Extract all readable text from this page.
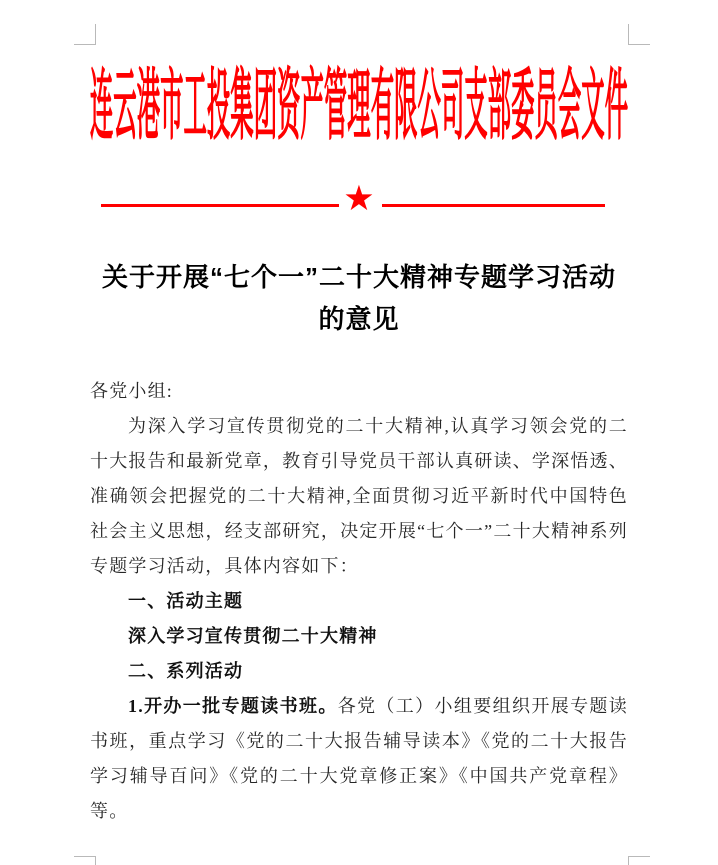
连云港市工投集团资产管理有限公司支部委员会文件
★
关于开展“七个一”二十大精神专题学习活动
的意见

各党小组:

为深入学习宣传贯彻党的二十大精神,认真学习领会党的二十大报告和最新党章，教育引导党员干部认真研读、学深悟透、准确领会把握党的二十大精神,全面贯彻习近平新时代中国特色社会主义思想，经支部研究，决定开展“七个一”二十大精神系列专题学习活动，具体内容如下：

一、活动主题

深入学习宣传贯彻二十大精神

二、系列活动

1.开办一批专题读书班。各党（工）小组要组织开展专题读书班，重点学习《党的二十大报告辅导读本》《党的二十大报告学习辅导百问》《党的二十大党章修正案》《中国共产党章程》等。
